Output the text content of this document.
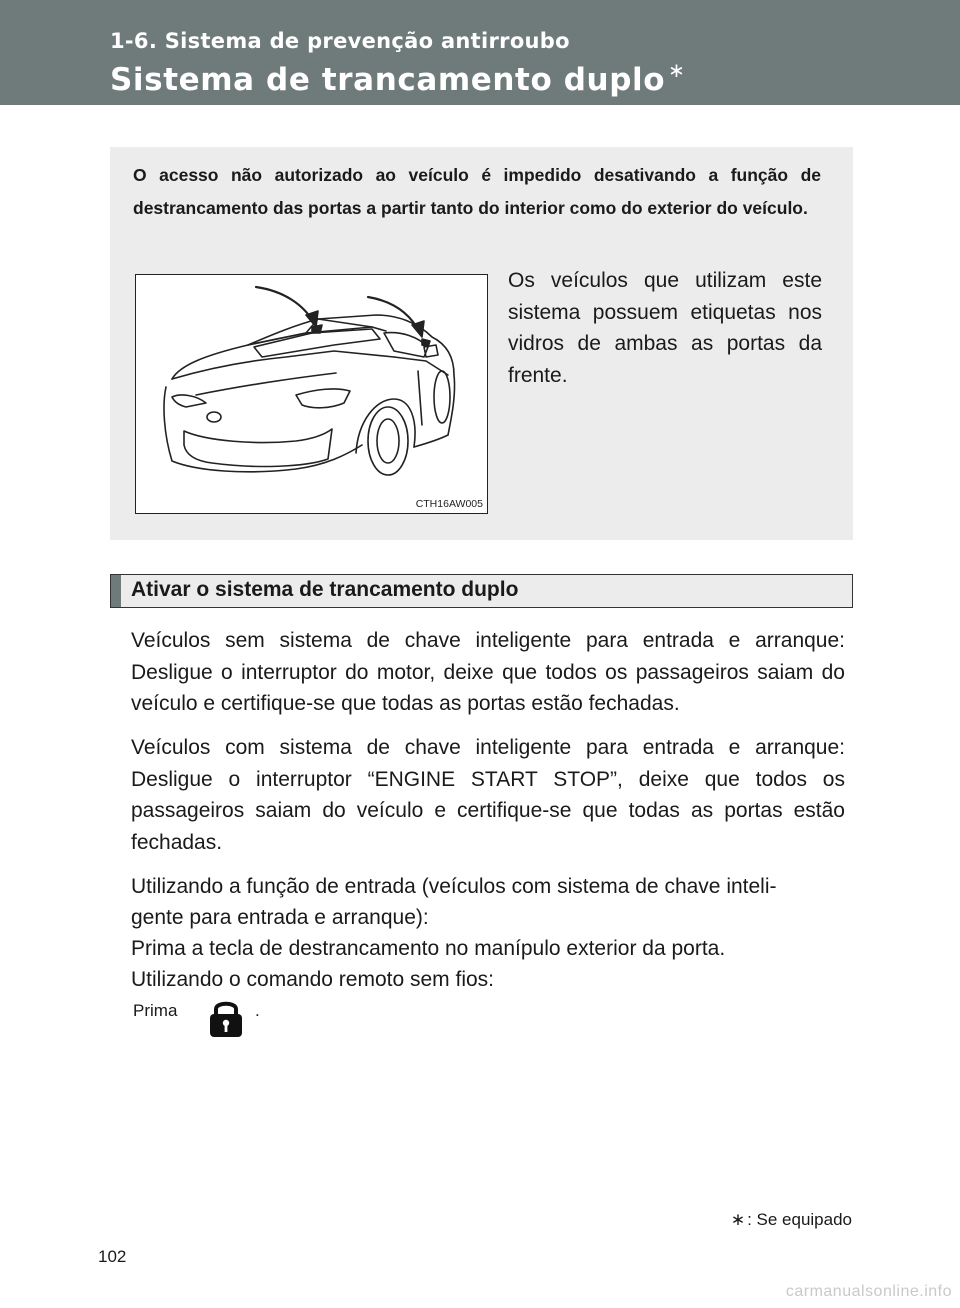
1-6. Sistema de prevenção antirroubo
Sistema de trancamento duplo ∗
O acesso não autorizado ao veículo é impedido desativando a função de destrancamento das portas a partir tanto do interior como do exterior do veículo.
CTH16AW005
Os veículos que utilizam este sistema possuem etiquetas nos vidros de ambas as portas da frente.
Ativar o sistema de trancamento duplo
Veículos sem sistema de chave inteligente para entrada e arranque: Desligue o interruptor do motor, deixe que todos os passageiros saiam do veículo e certifique-se que todas as portas estão fechadas.
Veículos com sistema de chave inteligente para entrada e arranque: Desligue o interruptor “ENGINE START STOP”, deixe que todos os passageiros saiam do veículo e certifique-se que todas as portas estão fechadas.
Utilizando a função de entrada (veículos com sistema de chave inteli-
gente para entrada e arranque):
Prima a tecla de destrancamento no manípulo exterior da porta.
Utilizando o comando remoto sem fios:
Prima	.
∗ : Se equipado
102
carmanualsonline.info
